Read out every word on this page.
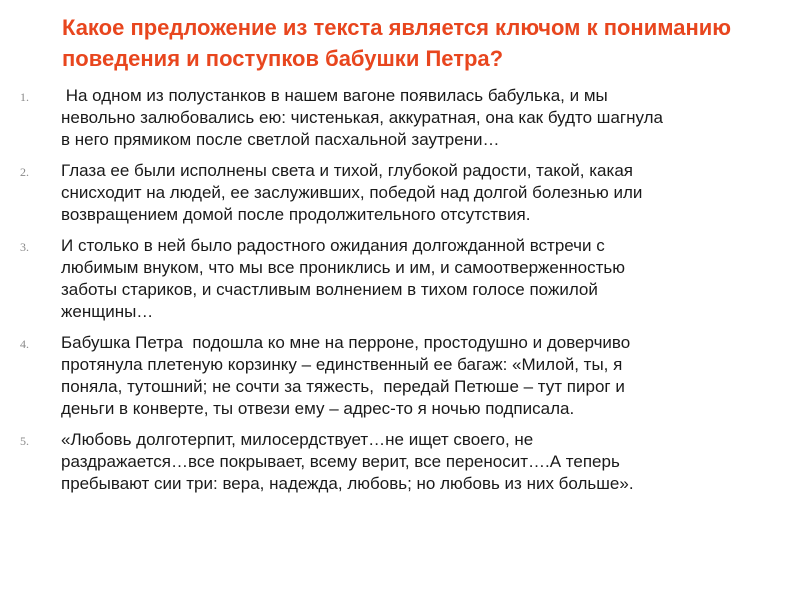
Какое предложение из текста является ключом к пониманию поведения и поступков бабушки Петра?
1. На одном из полустанков в нашем вагоне появилась бабулька, и мы
невольно залюбовались ею: чистенькая, аккуратная, она как будто шагнула
в него прямиком после светлой пасхальной заутрени…
2. Глаза ее были исполнены света и тихой, глубокой радости, такой, какая
снисходит на людей, ее заслуживших, победой над долгой болезнью или
возвращением домой после продолжительного отсутствия.
3. И столько в ней было радостного ожидания долгожданной встречи с
любимым внуком, что мы все прониклись и им, и самоотверженностью
заботы стариков, и счастливым волнением в тихом голосе пожилой
женщины…
4. Бабушка Петра  подошла ко мне на перроне, простодушно и доверчиво
протянула плетеную корзинку – единственный ее багаж: «Милой, ты, я
поняла, тутошний; не сочти за тяжесть,  передай Петюше – тут пирог и
деньги в конверте, ты отвези ему – адрес-то я ночью подписала.
5. «Любовь долготерпит, милосердствует…не ищет своего, не
раздражается…все покрывает, всему верит, все переносит….А теперь
пребывают сии три: вера, надежда, любовь; но любовь из них больше».
